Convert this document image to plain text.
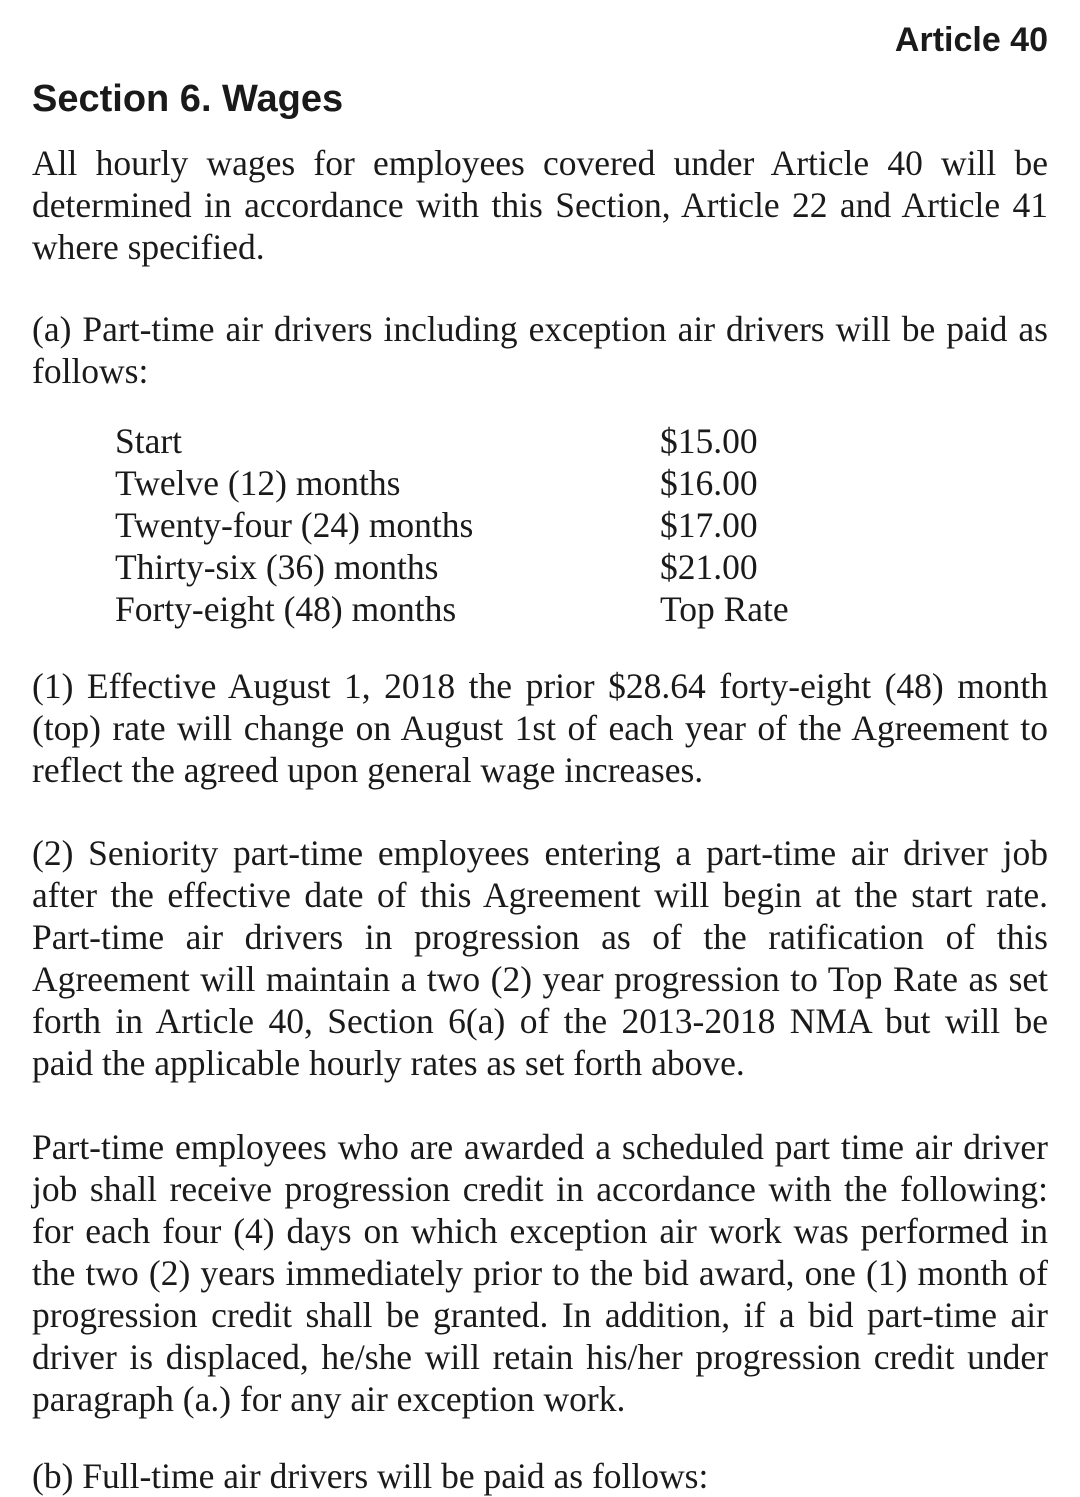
Article 40

Section 6. Wages

All hourly wages for employees covered under Article 40 will be determined in accordance with this Section, Article 22 and Article 41 where specified.

(a) Part-time air drivers including exception air drivers will be paid as follows:

Start	$15.00
Twelve (12) months	$16.00
Twenty-four (24) months	$17.00
Thirty-six (36) months	$21.00
Forty-eight (48) months	Top Rate

(1) Effective August 1, 2018 the prior $28.64 forty-eight (48) month (top) rate will change on August 1st of each year of the Agreement to reflect the agreed upon general wage increases.

(2) Seniority part-time employees entering a part-time air driver job after the effective date of this Agreement will begin at the start rate. Part-time air drivers in progression as of the ratification of this Agreement will maintain a two (2) year progression to Top Rate as set forth in Article 40, Section 6(a) of the 2013-2018 NMA but will be paid the applicable hourly rates as set forth above.

Part-time employees who are awarded a scheduled part time air driver job shall receive progression credit in accordance with the following: for each four (4) days on which exception air work was performed in the two (2) years immediately prior to the bid award, one (1) month of progression credit shall be granted. In addition, if a bid part-time air driver is displaced, he/she will retain his/her progression credit under paragraph (a.) for any air exception work.

(b) Full-time air drivers will be paid as follows:
